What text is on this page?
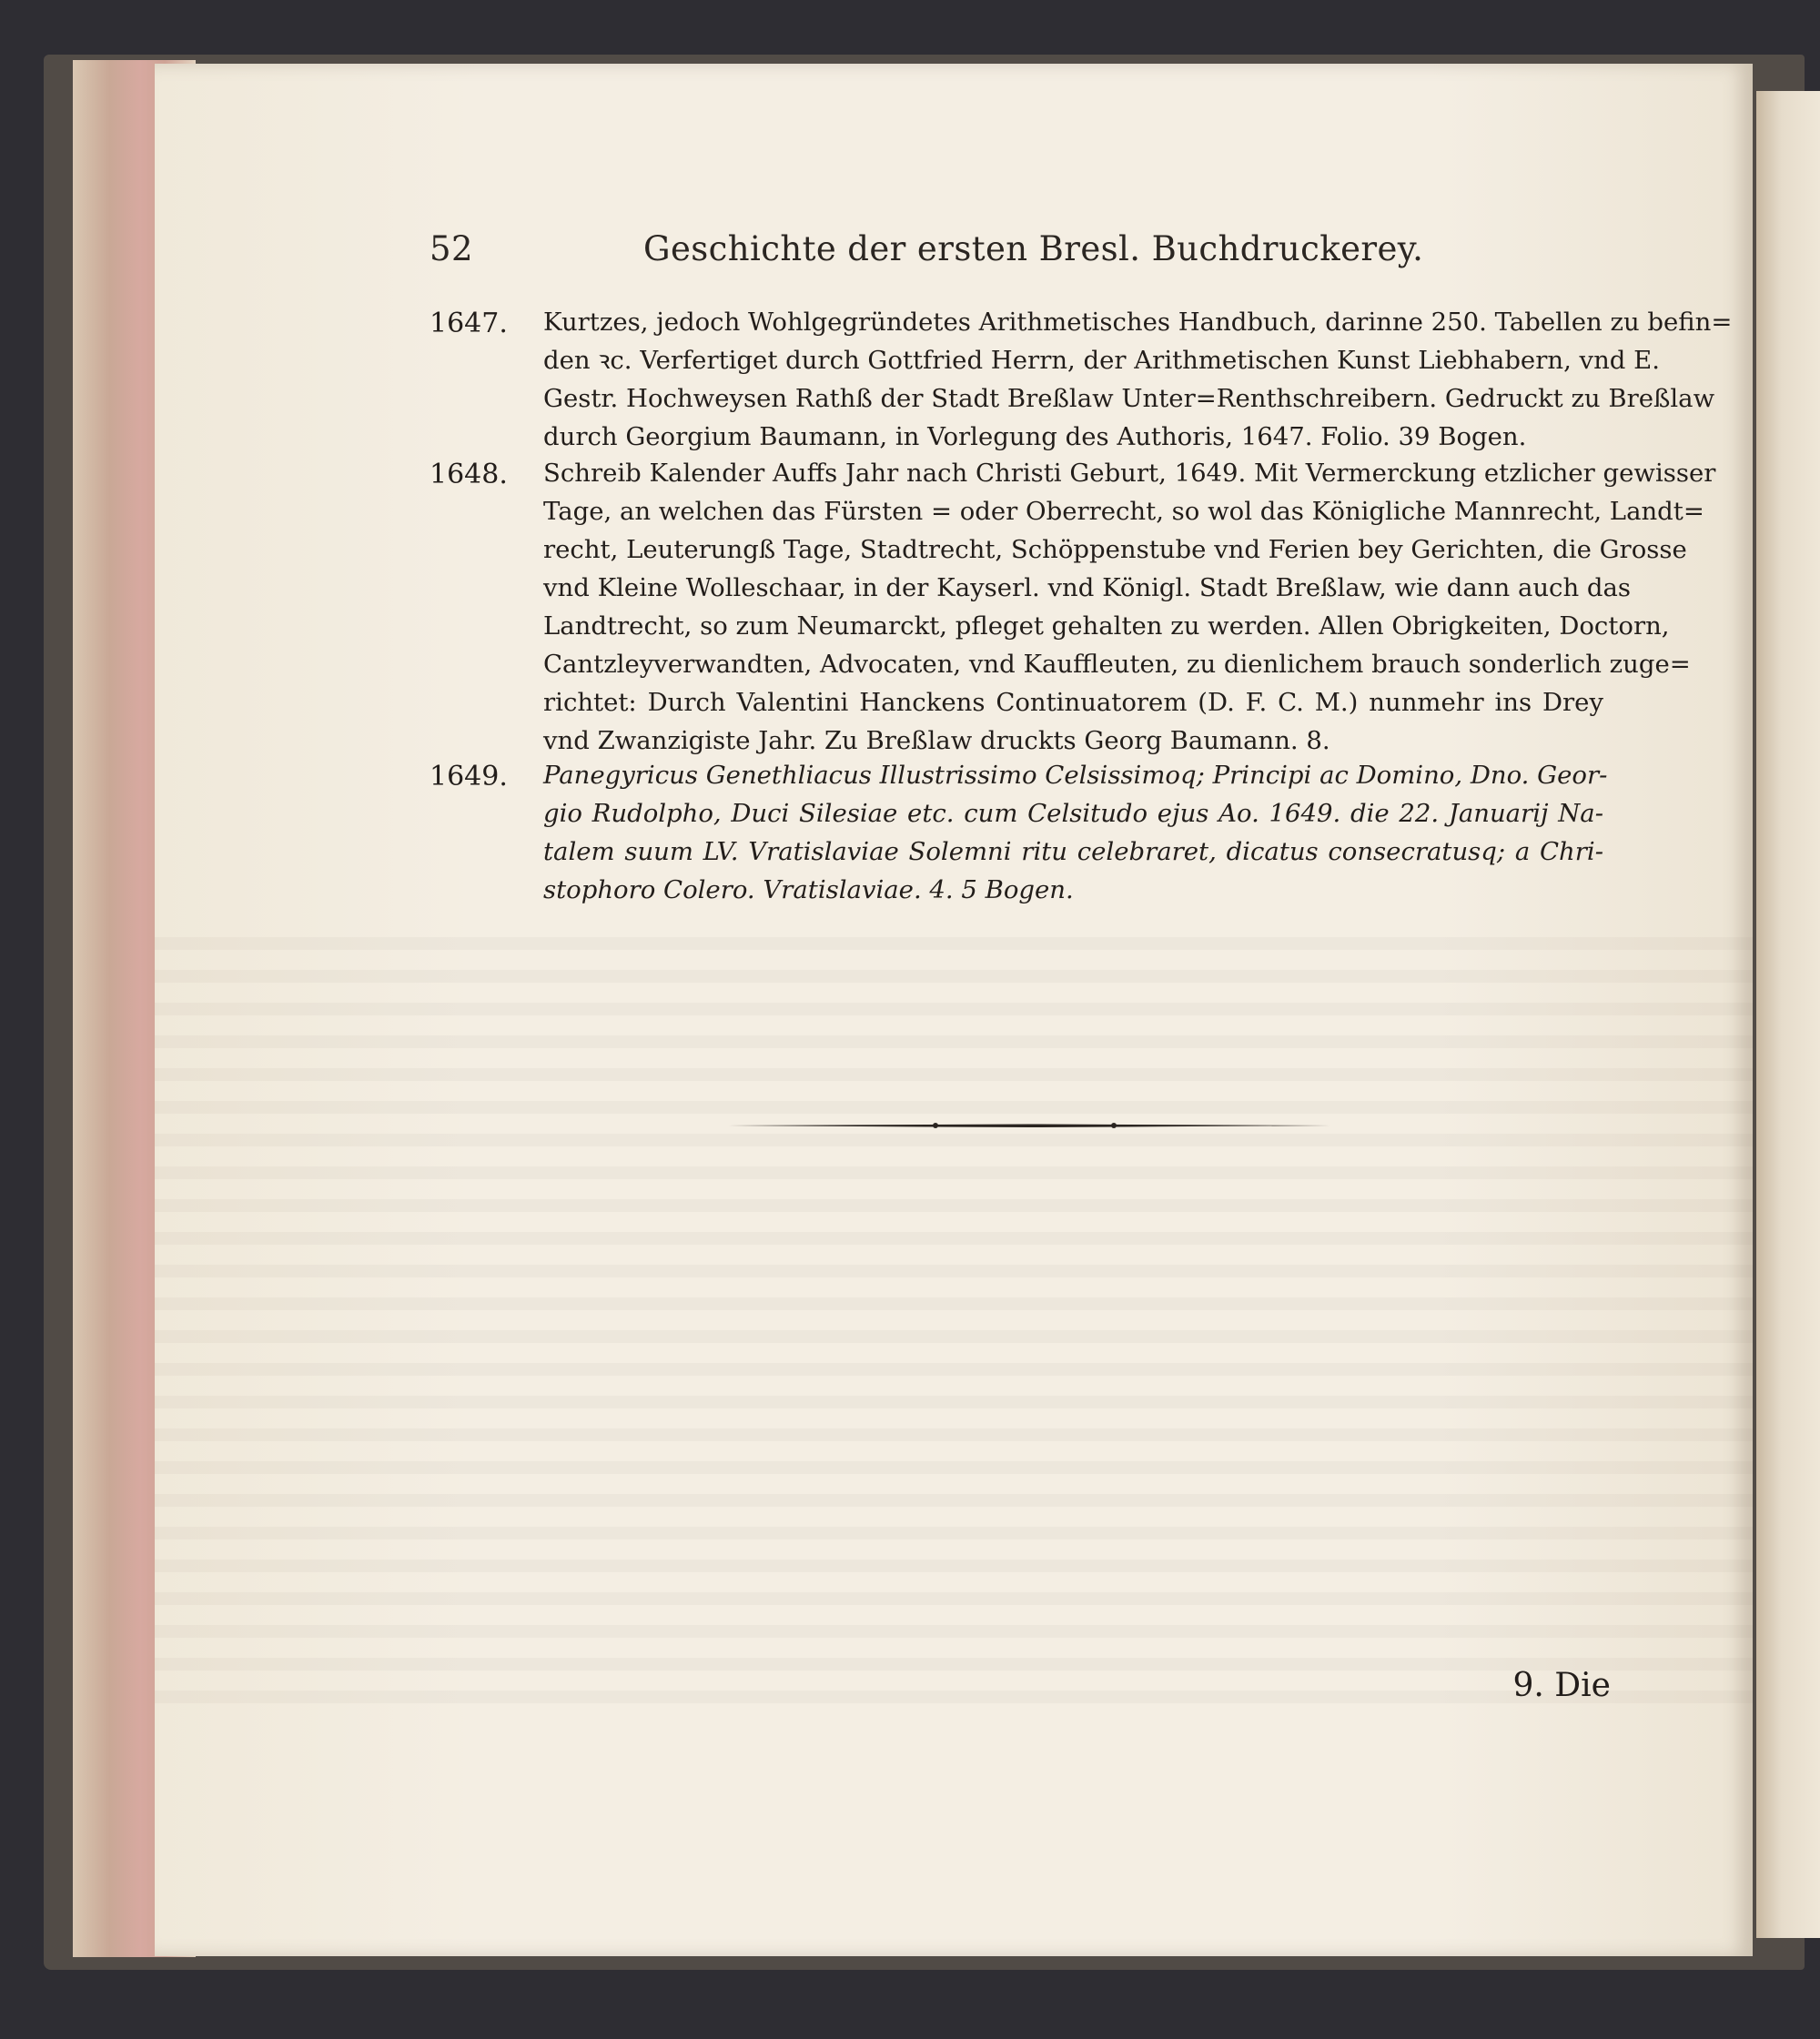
52	Geschichte der ersten Bresl. Buchdruckerey.
1647.	Kurtzes, jedoch Wohlgegründetes Arithmetisches Handbuch, darinne 250. Tabellen zu befin=
den ꝛc. Verfertiget durch Gottfried Herrn, der Arithmetischen Kunst Liebhabern, vnd E.
Gestr. Hochweysen Rathß der Stadt Breßlaw Unter=Renthschreibern. Gedruckt zu Breßlaw
durch Georgium Baumann, in Vorlegung des Authoris, 1647. Folio. 39 Bogen.
1648.	Schreib Kalender Auffs Jahr nach Christi Geburt, 1649. Mit Vermerckung etzlicher gewisser
Tage, an welchen das Fürsten = oder Oberrecht, so wol das Königliche Mannrecht, Landt=
recht, Leuterungß Tage, Stadtrecht, Schöppenstube vnd Ferien bey Gerichten, die Grosse
vnd Kleine Wolleschaar, in der Kayserl. vnd Königl. Stadt Breßlaw, wie dann auch das
Landtrecht, so zum Neumarckt, pfleget gehalten zu werden. Allen Obrigkeiten, Doctorn,
Cantzleyverwandten, Advocaten, vnd Kauffleuten, zu dienlichem brauch sonderlich zuge=
richtet: Durch Valentini Hanckens Continuatorem (D. F. C. M.) nunmehr ins Drey
vnd Zwanzigiste Jahr. Zu Breßlaw druckts Georg Baumann. 8.
1649.	Panegyricus Genethliacus Illustrissimo Celsissimoq; Principi ac Domino, Dno. Geor-
gio Rudolpho, Duci Silesiae etc. cum Celsitudo ejus Ao. 1649. die 22. Januarij Na-
talem suum LV. Vratislaviae Solemni ritu celebraret, dicatus consecratusq; a Chri-
stophoro Colero. Vratislaviae. 4. 5 Bogen.
9. Die
